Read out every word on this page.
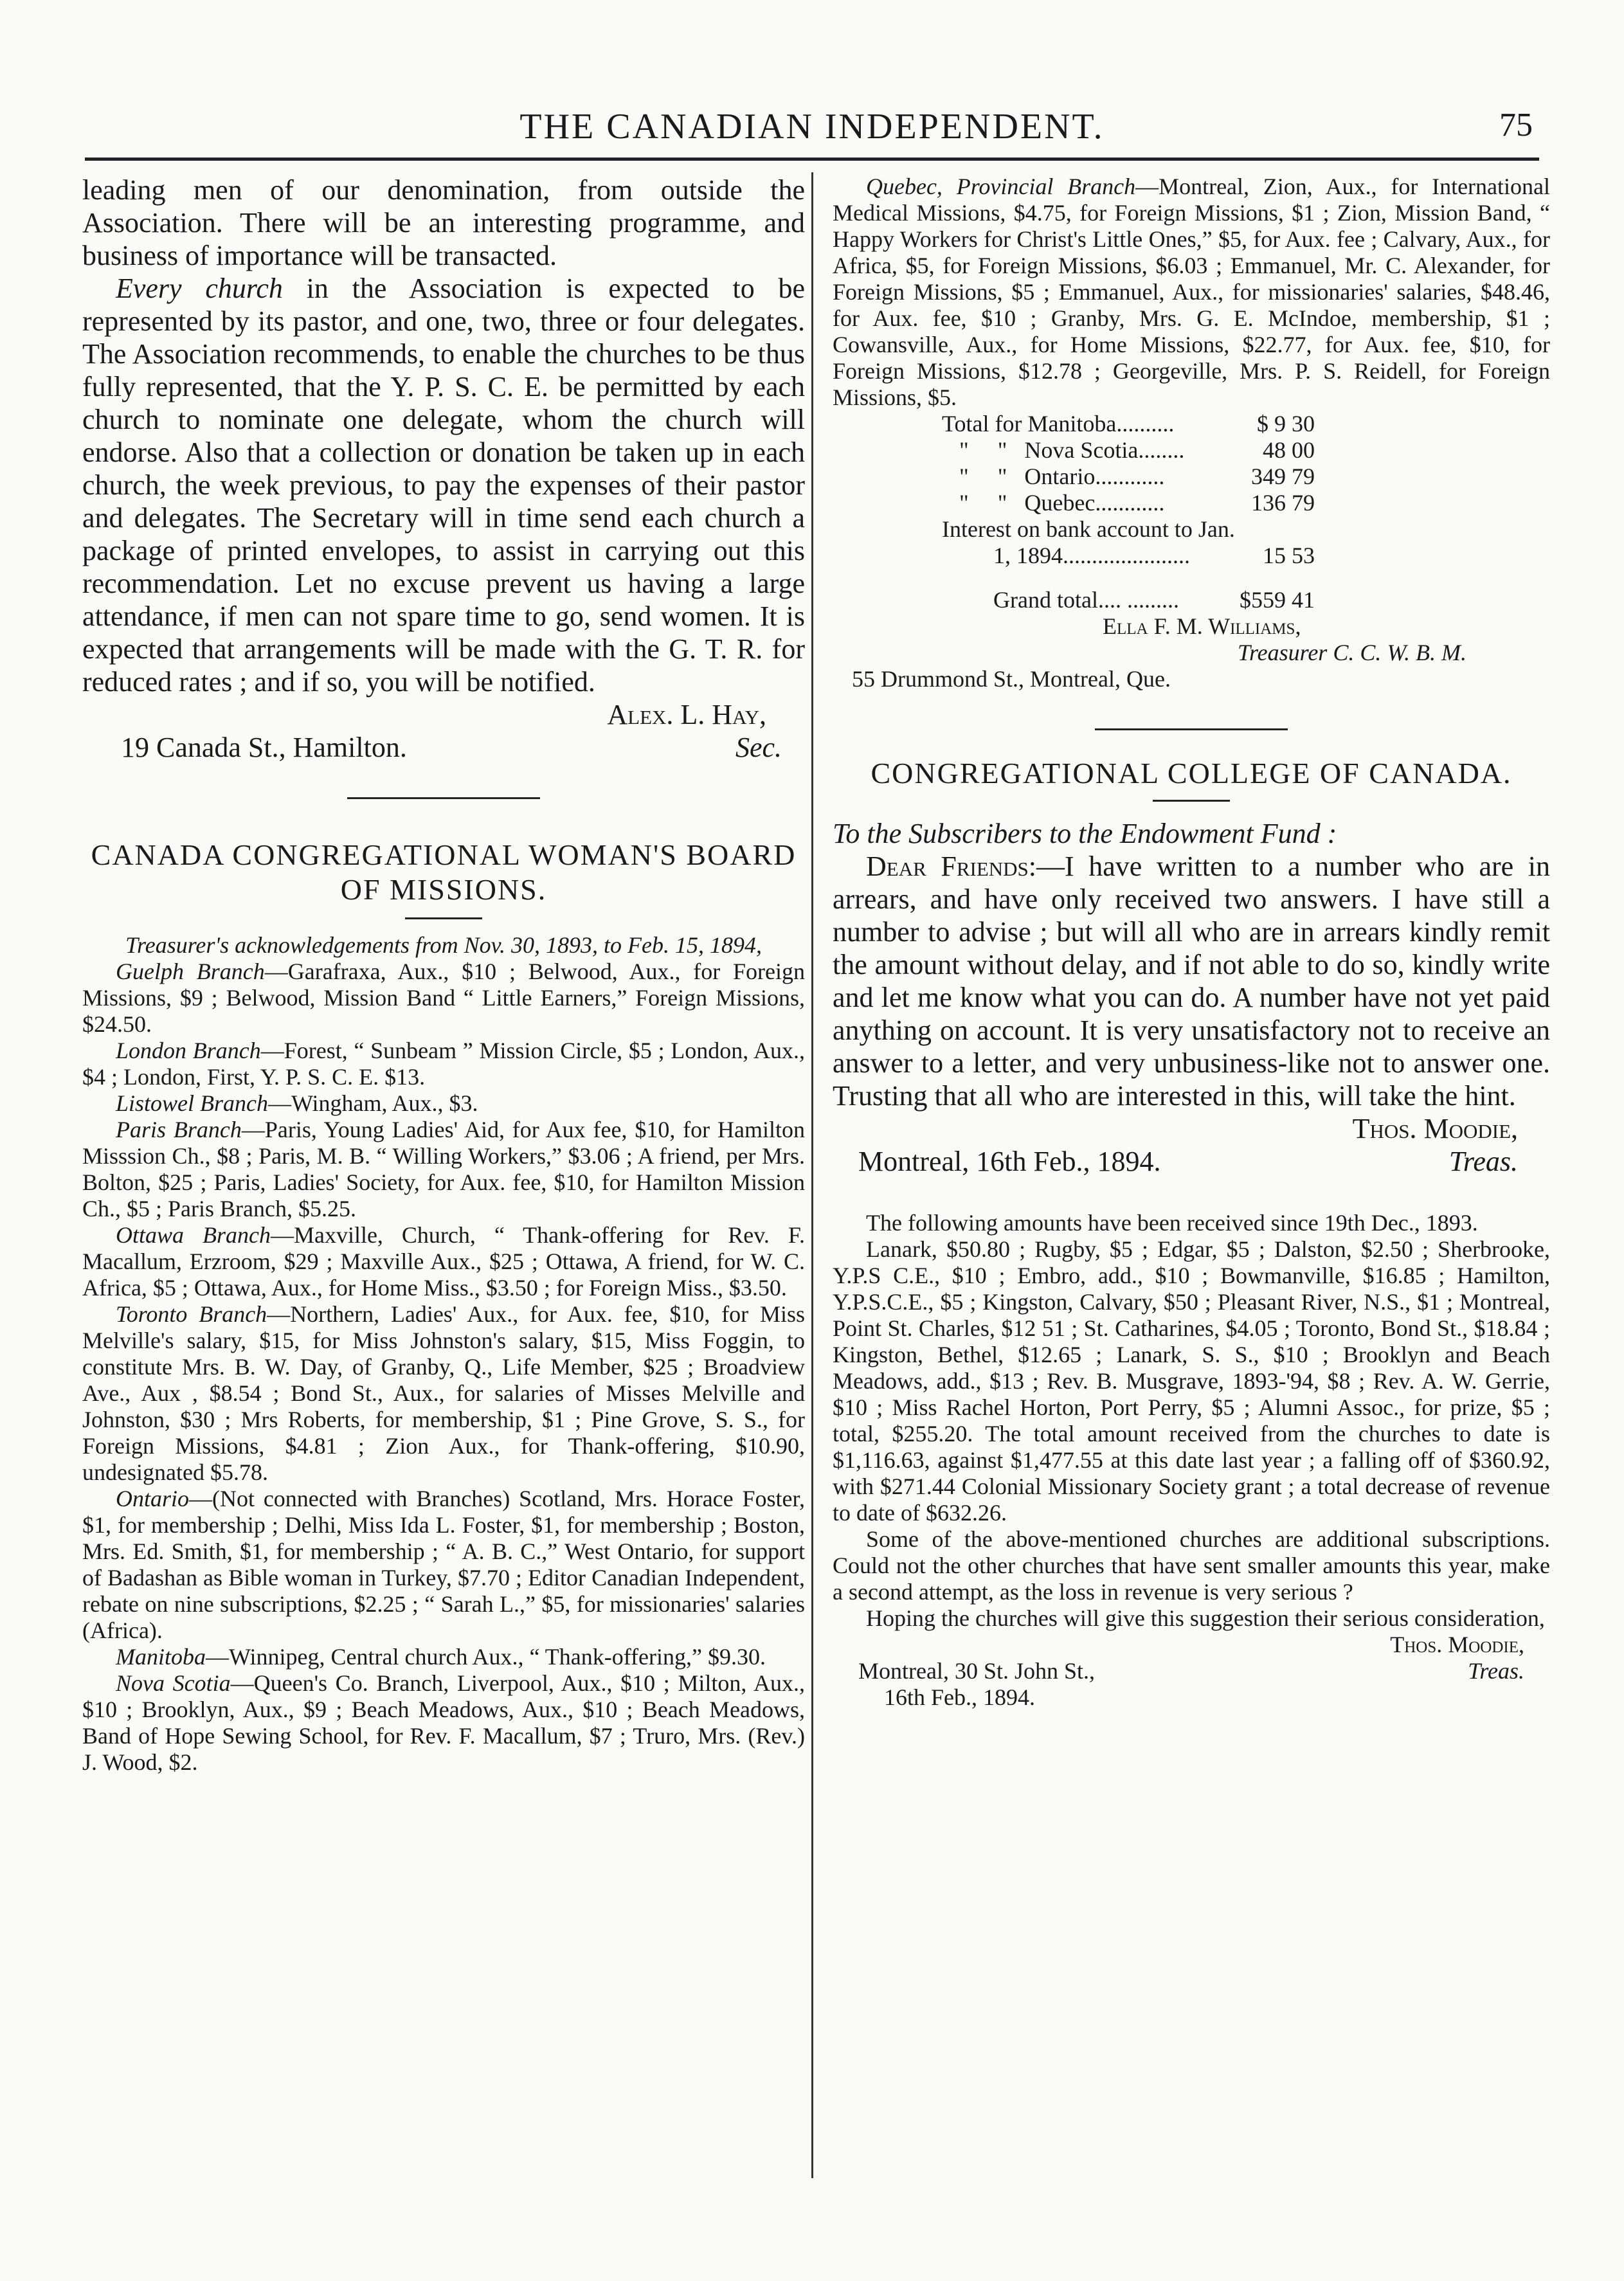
THE CANADIAN INDEPENDENT.	75

leading men of our denomination, from outside the Association. There will be an interesting programme, and business of importance will be transacted.

Every church in the Association is expected to be represented by its pastor, and one, two, three or four delegates. The Association recommends, to enable the churches to be thus fully represented, that the Y. P. S. C. E. be permitted by each church to nominate one delegate, whom the church will endorse. Also that a collection or donation be taken up in each church, the week previous, to pay the expenses of their pastor and delegates. The Secretary will in time send each church a package of printed envelopes, to assist in carrying out this recommendation. Let no excuse prevent us having a large attendance, if men can not spare time to go, send women. It is expected that arrangements will be made with the G. T. R. for reduced rates ; and if so, you will be notified.

Alex. L. Hay,

19 Canada St., Hamilton.	Sec.

CANADA CONGREGATIONAL WOMAN'S BOARD OF MISSIONS.

Treasurer's acknowledgements from Nov. 30, 1893, to Feb. 15, 1894,

Guelph Branch—Garafraxa, Aux., $10 ; Belwood, Aux., for Foreign Missions, $9 ; Belwood, Mission Band “ Little Earners,” Foreign Missions, $24.50.

London Branch—Forest, “ Sunbeam ” Mission Circle, $5 ; London, Aux., $4 ; London, First, Y. P. S. C. E. $13.

Listowel Branch—Wingham, Aux., $3.

Paris Branch—Paris, Young Ladies' Aid, for Aux fee, $10, for Hamilton Misssion Ch., $8 ; Paris, M. B. “ Willing Workers,” $3.06 ; A friend, per Mrs. Bolton, $25 ; Paris, Ladies' Society, for Aux. fee, $10, for Hamilton Mission Ch., $5 ; Paris Branch, $5.25.

Ottawa Branch—Maxville, Church, “ Thank-offering for Rev. F. Macallum, Erzroom, $29 ; Maxville Aux., $25 ; Ottawa, A friend, for W. C. Africa, $5 ; Ottawa, Aux., for Home Miss., $3.50 ; for Foreign Miss., $3.50.

Toronto Branch—Northern, Ladies' Aux., for Aux. fee, $10, for Miss Melville's salary, $15, for Miss Johnston's salary, $15, Miss Foggin, to constitute Mrs. B. W. Day, of Granby, Q., Life Member, $25 ; Broadview Ave., Aux , $8.54 ; Bond St., Aux., for salaries of Misses Melville and Johnston, $30 ; Mrs Roberts, for membership, $1 ; Pine Grove, S. S., for Foreign Missions, $4.81 ; Zion Aux., for Thank-offering, $10.90, undesignated $5.78.

Ontario—(Not connected with Branches) Scotland, Mrs. Horace Foster, $1, for membership ; Delhi, Miss Ida L. Foster, $1, for membership ; Boston, Mrs. Ed. Smith, $1, for membership ; “ A. B. C.,” West Ontario, for support of Badashan as Bible woman in Turkey, $7.70 ; Editor Canadian Independent, rebate on nine subscriptions, $2.25 ; “ Sarah L.,” $5, for missionaries' salaries (Africa).

Manitoba—Winnipeg, Central church Aux., “ Thank-offering,” $9.30.

Nova Scotia—Queen's Co. Branch, Liverpool, Aux., $10 ; Milton, Aux., $10 ; Brooklyn, Aux., $9 ; Beach Meadows, Aux., $10 ; Beach Meadows, Band of Hope Sewing School, for Rev. F. Macallum, $7 ; Truro, Mrs. (Rev.) J. Wood, $2.

Quebec, Provincial Branch—Montreal, Zion, Aux., for International Medical Missions, $4.75, for Foreign Missions, $1 ; Zion, Mission Band, “ Happy Workers for Christ's Little Ones,” $5, for Aux. fee ; Calvary, Aux., for Africa, $5, for Foreign Missions, $6.03 ; Emmanuel, Mr. C. Alexander, for Foreign Missions, $5 ; Emmanuel, Aux., for missionaries' salaries, $48.46, for Aux. fee, $10 ; Granby, Mrs. G. E. McIndoe, membership, $1 ; Cowansville, Aux., for Home Missions, $22.77, for Aux. fee, $10, for Foreign Missions, $12.78 ; Georgeville, Mrs. P. S. Reidell, for Foreign Missions, $5.

Total for Manitoba..........	$ 9 30
"     "   Nova Scotia........	48 00
"     "   Ontario............	349 79
"     "   Quebec............	136 79
Interest on bank account to Jan.
1, 1894......................	15 53
Grand total.... .........	$559 41

Ella F. M. Williams,

Treasurer C. C. W. B. M.

55 Drummond St., Montreal, Que.

CONGREGATIONAL COLLEGE OF CANADA.

To the Subscribers to the Endowment Fund :

Dear Friends:—I have written to a number who are in arrears, and have only received two answers. I have still a number to advise ; but will all who are in arrears kindly remit the amount without delay, and if not able to do so, kindly write and let me know what you can do. A number have not yet paid anything on account. It is very unsatisfactory not to receive an answer to a letter, and very unbusiness-like not to answer one. Trusting that all who are interested in this, will take the hint.

Thos. Moodie,

Montreal, 16th Feb., 1894.	Treas.

The following amounts have been received since 19th Dec., 1893.

Lanark, $50.80 ; Rugby, $5 ; Edgar, $5 ; Dalston, $2.50 ; Sherbrooke, Y.P.S C.E., $10 ; Embro, add., $10 ; Bowmanville, $16.85 ; Hamilton, Y.P.S.C.E., $5 ; Kingston, Calvary, $50 ; Pleasant River, N.S., $1 ; Montreal, Point St. Charles, $12 51 ; St. Catharines, $4.05 ; Toronto, Bond St., $18.84 ; Kingston, Bethel, $12.65 ; Lanark, S. S., $10 ; Brooklyn and Beach Meadows, add., $13 ; Rev. B. Musgrave, 1893-'94, $8 ; Rev. A. W. Gerrie, $10 ; Miss Rachel Horton, Port Perry, $5 ; Alumni Assoc., for prize, $5 ; total, $255.20. The total amount received from the churches to date is $1,116.63, against $1,477.55 at this date last year ; a falling off of $360.92, with $271.44 Colonial Missionary Society grant ; a total decrease of revenue to date of $632.26.

Some of the above-mentioned churches are additional subscriptions. Could not the other churches that have sent smaller amounts this year, make a second attempt, as the loss in revenue is very serious ?

Hoping the churches will give this suggestion their serious consideration,

Thos. Moodie,

Montreal, 30 St. John St.,	Treas.

16th Feb., 1894.
